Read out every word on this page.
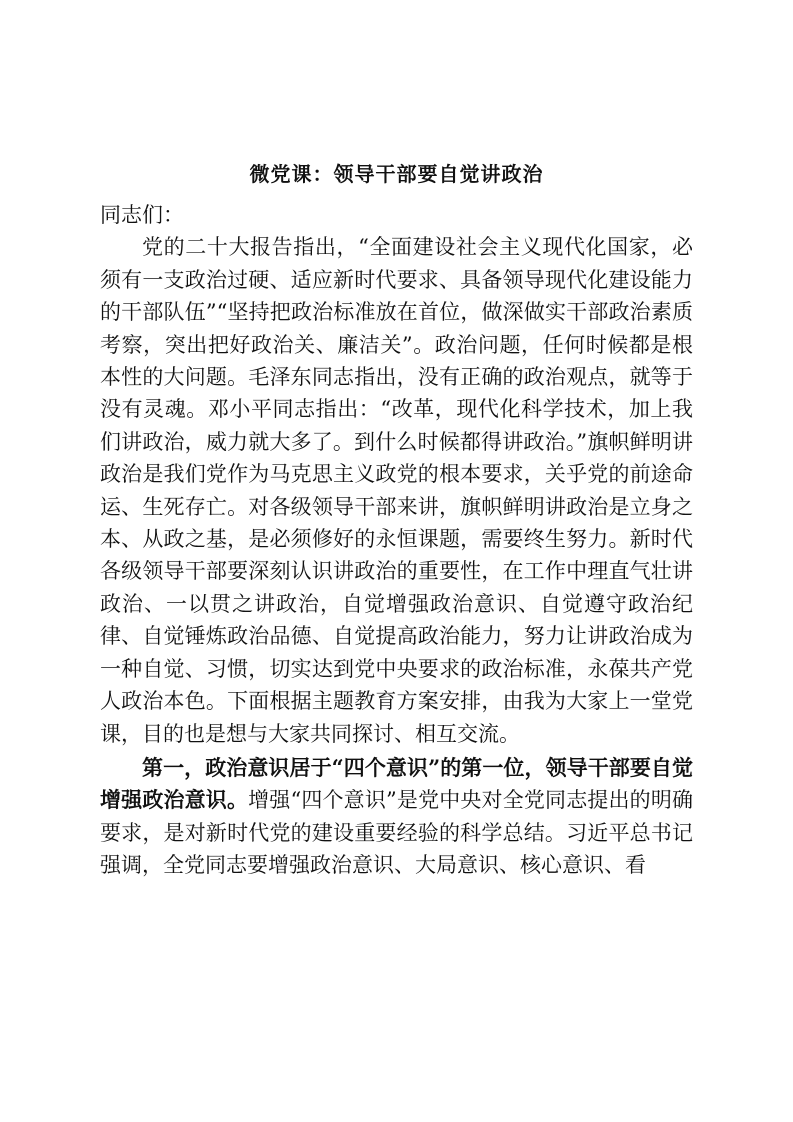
微党课：领导干部要自觉讲政治

同志们：

党的二十大报告指出，“全面建设社会主义现代化国家，必须有一支政治过硬、适应新时代要求、具备领导现代化建设能力的干部队伍”“坚持把政治标准放在首位，做深做实干部政治素质考察，突出把好政治关、廉洁关”。政治问题，任何时候都是根本性的大问题。毛泽东同志指出，没有正确的政治观点，就等于没有灵魂。邓小平同志指出：“改革，现代化科学技术，加上我们讲政治，威力就大多了。到什么时候都得讲政治。”旗帜鲜明讲政治是我们党作为马克思主义政党的根本要求，关乎党的前途命运、生死存亡。对各级领导干部来讲，旗帜鲜明讲政治是立身之本、从政之基，是必须修好的永恒课题，需要终生努力。新时代各级领导干部要深刻认识讲政治的重要性，在工作中理直气壮讲政治、一以贯之讲政治，自觉增强政治意识、自觉遵守政治纪律、自觉锤炼政治品德、自觉提高政治能力，努力让讲政治成为一种自觉、习惯，切实达到党中央要求的政治标准，永葆共产党人政治本色。下面根据主题教育方案安排，由我为大家上一堂党课，目的也是想与大家共同探讨、相互交流。

第一，政治意识居于“四个意识”的第一位，领导干部要自觉增强政治意识。增强“四个意识”是党中央对全党同志提出的明确要求，是对新时代党的建设重要经验的科学总结。习近平总书记强调，全党同志要增强政治意识、大局意识、核心意识、看
